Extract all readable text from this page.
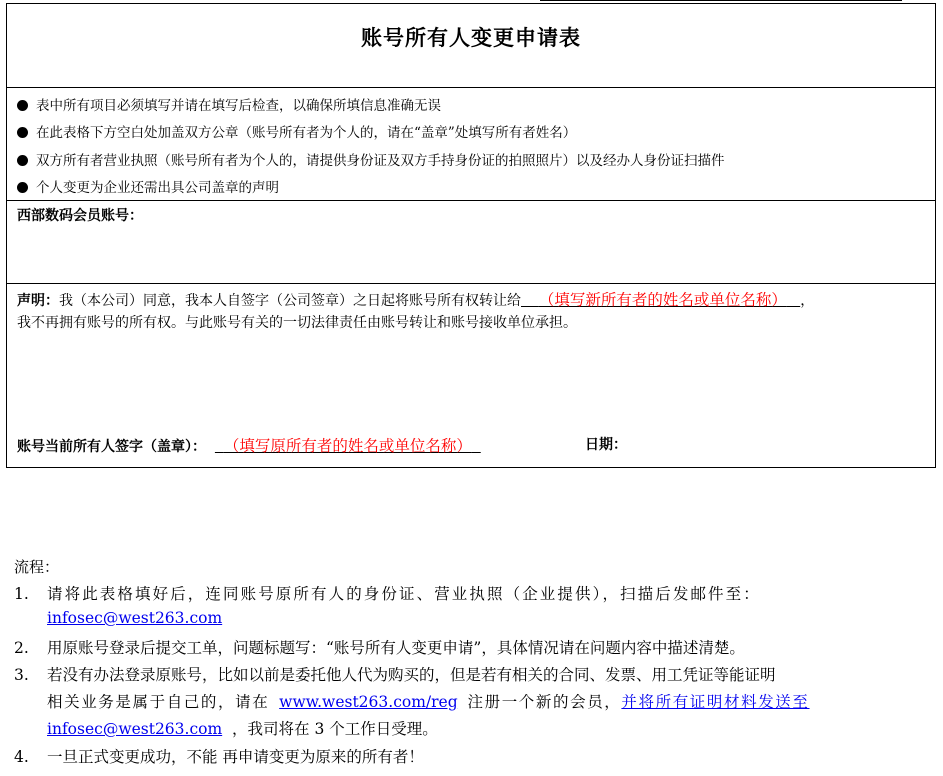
账号所有人变更申请表
表中所有项目必须填写并请在填写后检查，以确保所填信息准确无误
在此表格下方空白处加盖双方公章（账号所有者为个人的，请在“盖章”处填写所有者姓名）
双方所有者营业执照（账号所有者为个人的，请提供身份证及双方手持身份证的拍照照片）以及经办人身份证扫描件
个人变更为企业还需出具公司盖章的声明
西部数码会员账号：
声明：我（本公司）同意，我本人自签字（公司签章）之日起将账号所有权转让给 （填写新所有者的姓名或单位名称） ，
我不再拥有账号的所有权。与此账号有关的一切法律责任由账号转让和账号接收单位承担。
账号当前所有人签字（盖章）： （填写原所有者的姓名或单位名称）	日期：
流程：
1. 请将此表格填好后，连同账号原所有人的身份证、营业执照（企业提供），扫描后发邮件至：
infosec@west263.com
2. 用原账号登录后提交工单，问题标题写：“账号所有人变更申请”，具体情况请在问题内容中描述清楚。
3. 若没有办法登录原账号，比如以前是委托他人代为购买的，但是若有相关的合同、发票、用工凭证等能证明
相关业务是属于自己的，请在 www.west263.com/reg 注册一个新的会员，并将所有证明材料发送至
infosec@west263.com ，我司将在 3 个工作日受理。
4. 一旦正式变更成功，不能 再申请变更为原来的所有者！
